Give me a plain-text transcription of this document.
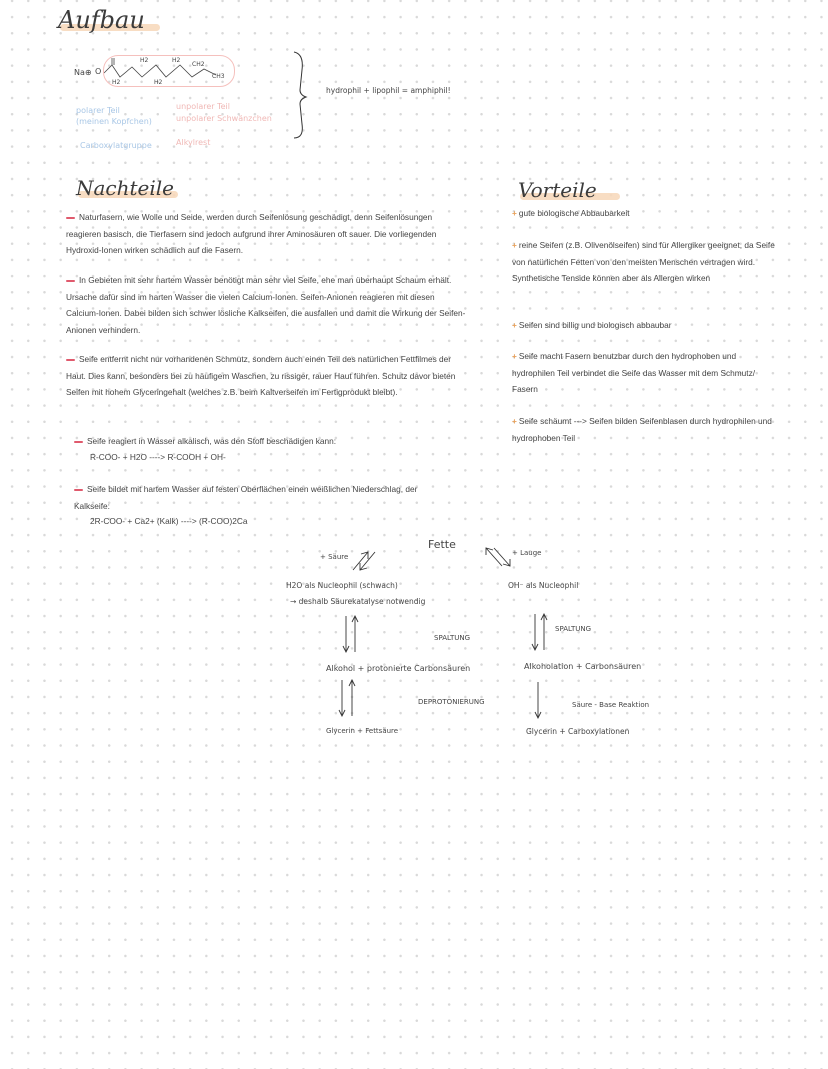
Aufbau
Na⊕ O
H2
H2
H2
H2
CH2
CH3
polarer Teil
(meinen Kopfchen)
Carboxylatgruppe
unpolarer Teil
unpolarer Schwänzchen
Alkylrest
hydrophil + lipophil = amphiphil!
Nachteile
Naturfasern, wie Wolle und Seide, werden durch Seifenlösung geschädigt, denn Seifenlösungen reagieren basisch, die Tierfasern sind jedoch aufgrund ihrer Aminosäuren oft sauer. Die vorliegenden Hydroxid-Ionen wirken schädlich auf die Fasern.
In Gebieten mit sehr hartem Wasser benötigt man sehr viel Seife, ehe man überhaupt Schaum erhält. Ursache dafür sind im harten Wasser die vielen Calcium-Ionen. Seifen-Anionen reagieren mit diesen Calcium-Ionen. Dabei bilden sich schwer lösliche Kalkseifen, die ausfallen und damit die Wirkung der Seifen-Anionen verhindern.
Seife entfernt nicht nur vorhandenen Schmutz, sondern auch einen Teil des natürlichen Fettfilmes der Haut. Dies kann, besonders bei zu häufigem Waschen, zu rissiger, rauer Haut führen. Schutz davor bieten Seifen mit hohem Glyceringehalt (welches z.B. beim Kaltverseifen im Fertigprodukt bleibt).
Seife reagiert in Wasser alkalisch, was den Stoff beschädigen kann:
R-COO- + H2O ----> R-COOH + OH-
Seife bildet mit hartem Wasser auf festen Oberflächen einen weißlichen Niederschlag, der Kalkseife:
2R-COO- + Ca2+ (Kalk) ----> (R-COO)2Ca
Vorteile
+ gute biologische Abbaubarkeit
+ reine Seifen (z.B. Olivenölseifen) sind für Allergiker geeignet, da Seife von natürlichen Fetten von den meisten Menschen vertragen wird. Synthetische Tenside können aber als Allergen wirken
+ Seifen sind billig und biologisch abbaubar
+ Seife macht Fasern benutzbar durch den hydrophoben und hydrophilen Teil verbindet die Seife das Wasser mit dem Schmutz/ Fasern
+ Seife schäumt ---> Seifen bilden Seifenblasen durch hydrophilen und hydrophoben Teil
Fette
+ Säure	+ Lauge
H2O als Nucleophil (schwach)
→ deshalb Säurekatalyse notwendig
OH⁻ als Nucleophil
SPALTUNG
SPALTUNG
Alkohol + protonierte Carbonsäuren	Alkoholation + Carbonsäuren
DEPROTONIERUNG	Säure - Base Reaktion
Glycerin + Fettsäure	Glycerin + Carboxylationen
